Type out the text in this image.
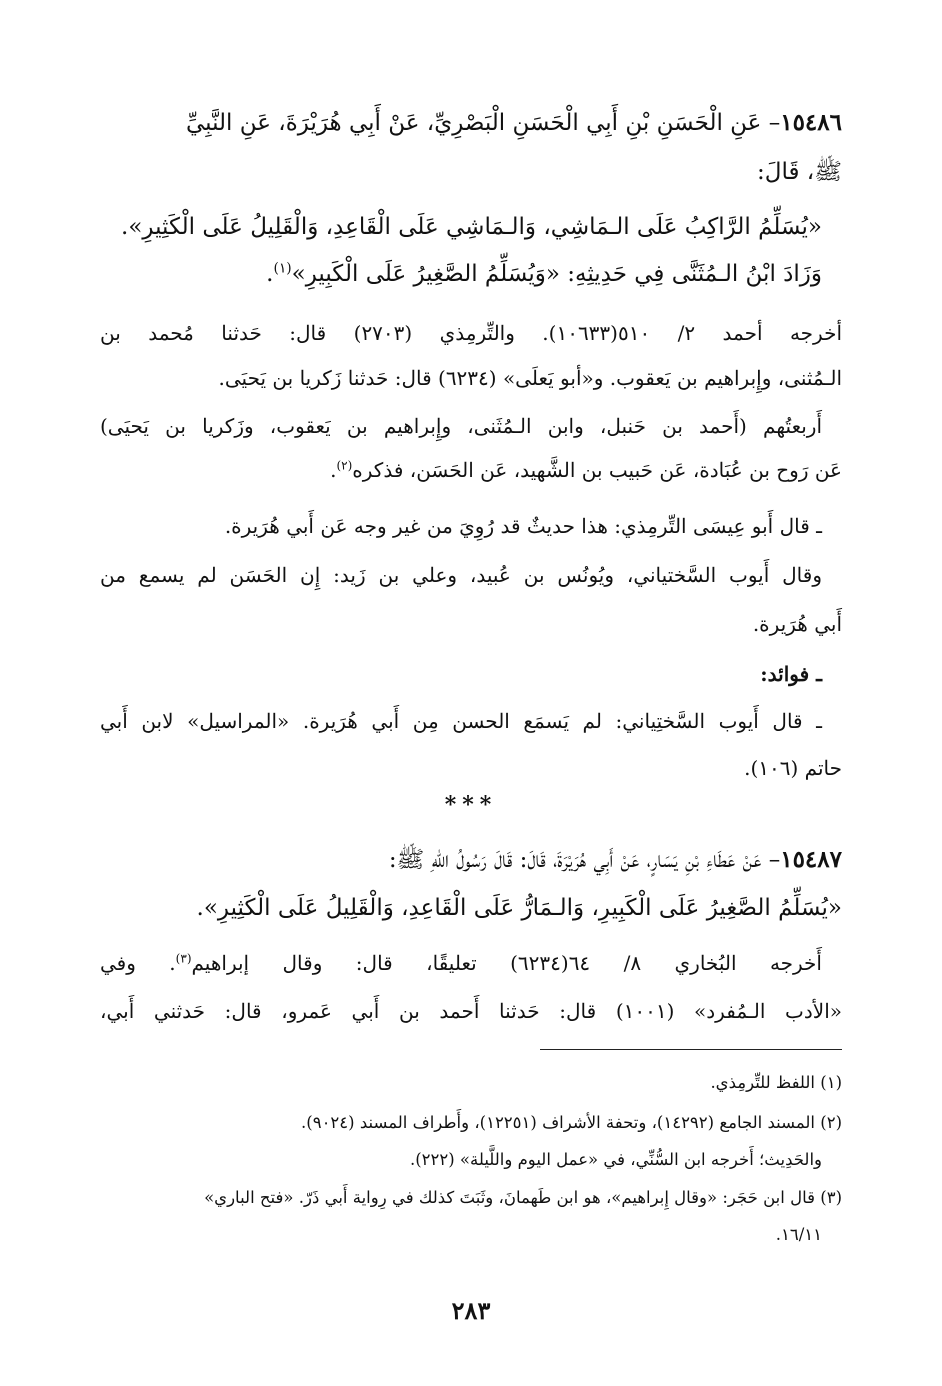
١٥٤٨٦– عَنِ الْحَسَنِ بْنِ أَبِي الْحَسَنِ الْبَصْرِيِّ، عَنْ أَبِي هُرَيْرَةَ، عَنِ النَّبِيِّ
ﷺ، قَالَ:
«يُسَلِّمُ الرَّاكِبُ عَلَى الـمَاشِي، وَالـمَاشِي عَلَى الْقَاعِدِ، وَالْقَلِيلُ عَلَى الْكَثِيرِ».
وَزَادَ ابْنُ الـمُثَنَّى فِي حَدِيثِهِ: «وَيُسَلِّمُ الصَّغِيرُ عَلَى الْكَبِيرِ»$^{(١)}$.
أخرجه أحمد ٢/ ٥١٠(١٠٦٣٣). والتِّرمِذي (٢٧٠٣) قال: حَدثنا مُحمد بن
الـمُثنى، وإِبراهيم بن يَعقوب. و«أبو يَعلَى» (٦٢٣٤) قال: حَدثنا زَكريا بن يَحيَى.
أَربعتُهم (أَحمد بن حَنبل، وابن الـمُثَنى، وإِبراهيم بن يَعقوب، وزَكريا بن يَحيَى)
عَن رَوح بن عُبَادة، عَن حَبيب بن الشَّهيد، عَن الحَسَن، فذكره$^{(٢)}$.
ـ قال أَبو عِيسَى التِّرمِذي: هذا حديثٌ قد رُوِيَ من غير وجه عَن أَبي هُرَيرة.
وقال أَيوب السَّختياني، ويُونُس بن عُبيد، وعلي بن زَيد: إِن الحَسَن لم يسمع من
أَبي هُرَيرة.
ـ فوائد:
ـ قال أَيوب السَّختِياني: لم يَسمَع الحسن مِن أَبي هُرَيرة. «المراسيل» لابن أَبي
حاتم (١٠٦).
***
١٥٤٨٧– عَنْ عَطَاءِ بْنِ يَسَارٍ، عَنْ أَبِي هُرَيْرَةَ، قَالَ: قَالَ رَسُولُ اللهِ ﷺ:
«يُسَلِّمُ الصَّغِيرُ عَلَى الْكَبِيرِ، وَالـمَارُّ عَلَى الْقَاعِدِ، وَالْقَلِيلُ عَلَى الْكَثِيرِ».
أَخرجه البُخاري ٨/ ٦٤(٦٢٣٤) تعليقًا، قال: وقال إبراهيم$^{(٣)}$. وفي
«الأدب الـمُفرد» (١٠٠١) قال: حَدثنا أَحمد بن أَبي عَمرو، قال: حَدثني أَبي،
(١) اللفظ للتِّرمِذي.
(٢) المسند الجامع (١٤٢٩٢)، وتحفة الأشراف (١٢٢٥١)، وأَطراف المسند (٩٠٢٤).
والحَدِيث؛ أَخرجه ابن السُّنِّي، في «عمل اليوم واللَّيلة» (٢٢٢).
(٣) قال ابن حَجَر: «وقال إِبراهيم»، هو ابن طَهمانَ، وثَبَتَ كذلك في رِواية أَبي ذَرّ. «فتح الباري»
١٦/١١.
٢٨٣
